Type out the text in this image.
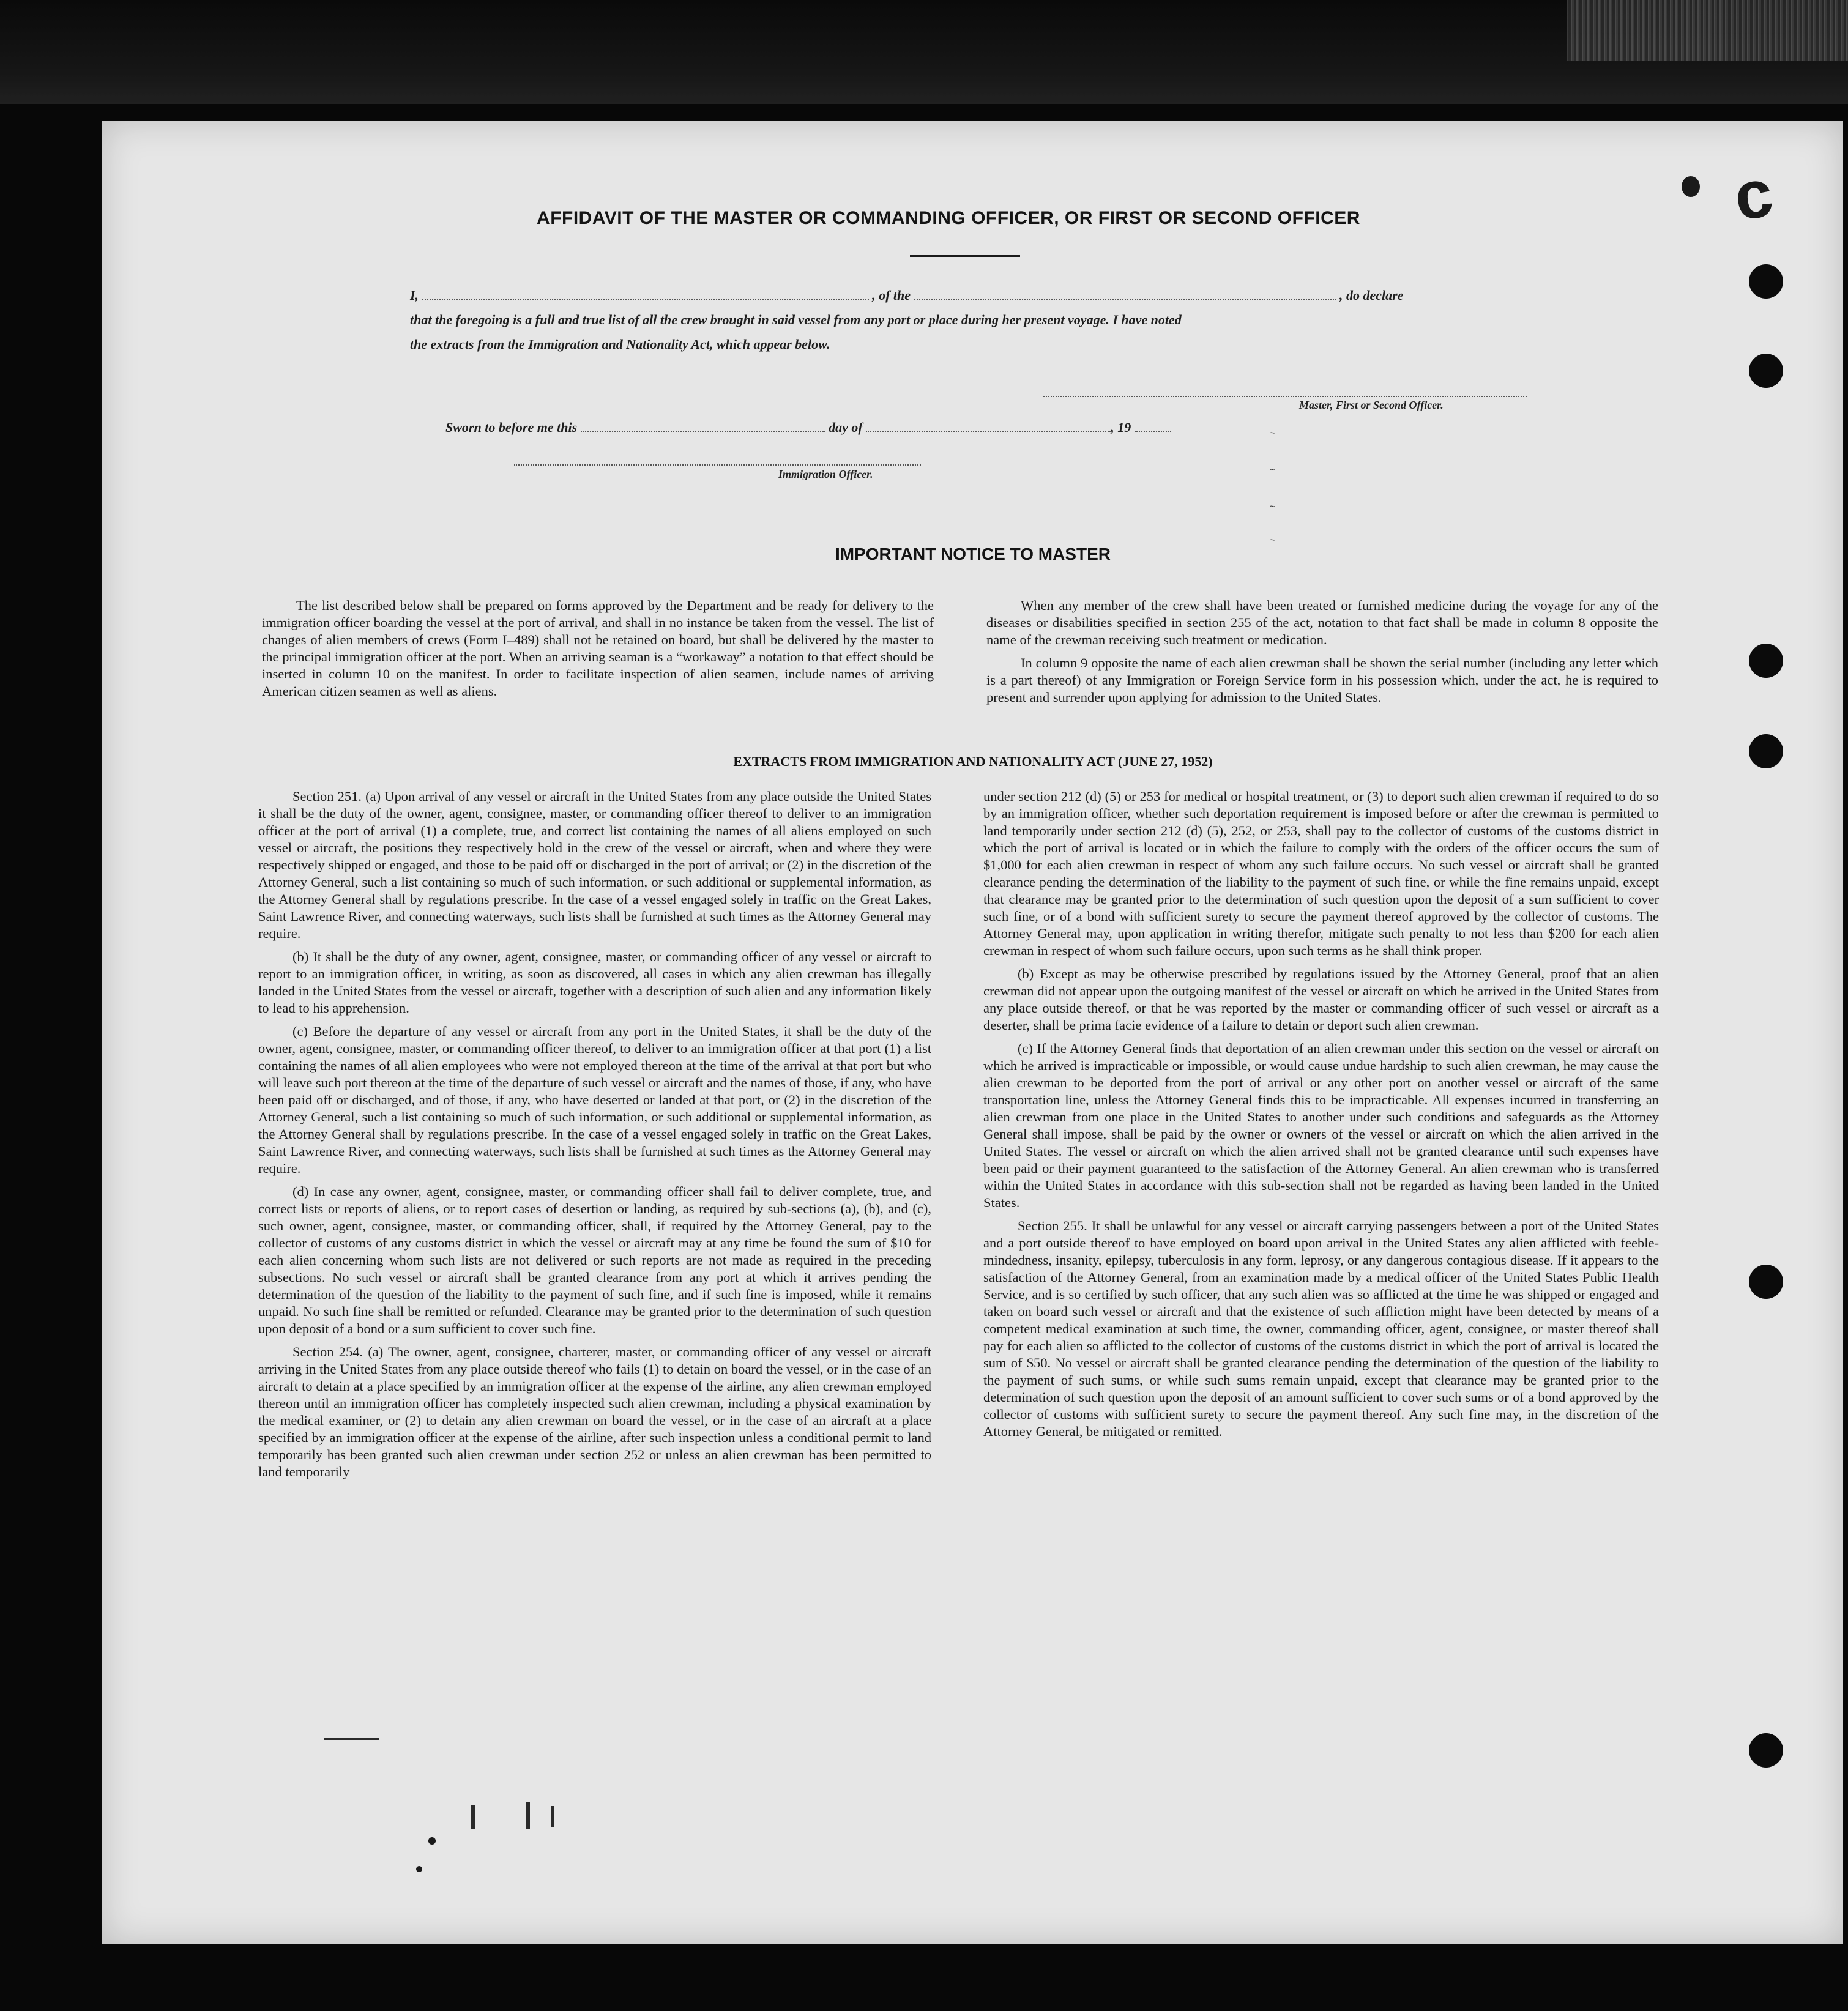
c
AFFIDAVIT OF THE MASTER OR COMMANDING OFFICER, OR FIRST OR SECOND OFFICER
I,	, of the	, do declare
that the foregoing is a full and true list of all the crew brought in said vessel from any port or place during her present voyage. I have noted
the extracts from the Immigration and Nationality Act, which appear below.
Master, First or Second Officer.
Sworn to before me this	day of	, 19
Immigration Officer.
~
~
~
~
IMPORTANT NOTICE TO MASTER

The list described below shall be prepared on forms approved by the Department and be ready for delivery to the immigration officer boarding the vessel at the port of arrival, and shall in no instance be taken from the vessel. The list of changes of alien members of crews (Form I–489) shall not be retained on board, but shall be delivered by the master to the principal immigration officer at the port. When an arriving seaman is a “workaway” a notation to that effect should be inserted in column 10 on the manifest. In order to facilitate inspection of alien seamen, include names of arriving American citizen seamen as well as aliens.

When any member of the crew shall have been treated or furnished medicine during the voyage for any of the diseases or disabilities specified in section 255 of the act, notation to that fact shall be made in column 8 opposite the name of the crewman receiving such treatment or medication.

In column 9 opposite the name of each alien crewman shall be shown the serial number (including any letter which is a part thereof) of any Immigration or Foreign Service form in his possession which, under the act, he is required to present and surrender upon applying for admission to the United States.

EXTRACTS FROM IMMIGRATION AND NATIONALITY ACT (JUNE 27, 1952)

Section 251. (a) Upon arrival of any vessel or aircraft in the United States from any place outside the United States it shall be the duty of the owner, agent, consignee, master, or commanding officer thereof to deliver to an immigration officer at the port of arrival (1) a complete, true, and correct list containing the names of all aliens employed on such vessel or aircraft, the positions they respectively hold in the crew of the vessel or aircraft, when and where they were respectively shipped or engaged, and those to be paid off or discharged in the port of arrival; or (2) in the discretion of the Attorney General, such a list containing so much of such information, or such additional or supplemental information, as the Attorney General shall by regulations prescribe. In the case of a vessel engaged solely in traffic on the Great Lakes, Saint Lawrence River, and connecting waterways, such lists shall be furnished at such times as the Attorney General may require.

(b) It shall be the duty of any owner, agent, consignee, master, or commanding officer of any vessel or aircraft to report to an immigration officer, in writing, as soon as discovered, all cases in which any alien crewman has illegally landed in the United States from the vessel or aircraft, together with a description of such alien and any information likely to lead to his apprehension.

(c) Before the departure of any vessel or aircraft from any port in the United States, it shall be the duty of the owner, agent, consignee, master, or commanding officer thereof, to deliver to an immigration officer at that port (1) a list containing the names of all alien employees who were not employed thereon at the time of the arrival at that port but who will leave such port thereon at the time of the departure of such vessel or aircraft and the names of those, if any, who have been paid off or discharged, and of those, if any, who have deserted or landed at that port, or (2) in the discretion of the Attorney General, such a list containing so much of such information, or such additional or supplemental information, as the Attorney General shall by regulations prescribe. In the case of a vessel engaged solely in traffic on the Great Lakes, Saint Lawrence River, and connecting waterways, such lists shall be furnished at such times as the Attorney General may require.

(d) In case any owner, agent, consignee, master, or commanding officer shall fail to deliver complete, true, and correct lists or reports of aliens, or to report cases of desertion or landing, as required by sub-sections (a), (b), and (c), such owner, agent, consignee, master, or commanding officer, shall, if required by the Attorney General, pay to the collector of customs of any customs district in which the vessel or aircraft may at any time be found the sum of $10 for each alien concerning whom such lists are not delivered or such reports are not made as required in the preceding subsections. No such vessel or aircraft shall be granted clearance from any port at which it arrives pending the determination of the question of the liability to the payment of such fine, and if such fine is imposed, while it remains unpaid. No such fine shall be remitted or refunded. Clearance may be granted prior to the determination of such question upon deposit of a bond or a sum sufficient to cover such fine.

Section 254. (a) The owner, agent, consignee, charterer, master, or commanding officer of any vessel or aircraft arriving in the United States from any place outside thereof who fails (1) to detain on board the vessel, or in the case of an aircraft to detain at a place specified by an immigration officer at the expense of the airline, any alien crewman employed thereon until an immigration officer has completely inspected such alien crewman, including a physical examination by the medical examiner, or (2) to detain any alien crewman on board the vessel, or in the case of an aircraft at a place specified by an immigration officer at the expense of the airline, after such inspection unless a conditional permit to land temporarily has been granted such alien crewman under section 252 or unless an alien crewman has been permitted to land temporarily

under section 212 (d) (5) or 253 for medical or hospital treatment, or (3) to deport such alien crewman if required to do so by an immigration officer, whether such deportation requirement is imposed before or after the crewman is permitted to land temporarily under section 212 (d) (5), 252, or 253, shall pay to the collector of customs of the customs district in which the port of arrival is located or in which the failure to comply with the orders of the officer occurs the sum of $1,000 for each alien crewman in respect of whom any such failure occurs. No such vessel or aircraft shall be granted clearance pending the determination of the liability to the payment of such fine, or while the fine remains unpaid, except that clearance may be granted prior to the determination of such question upon the deposit of a sum sufficient to cover such fine, or of a bond with sufficient surety to secure the payment thereof approved by the collector of customs. The Attorney General may, upon application in writing therefor, mitigate such penalty to not less than $200 for each alien crewman in respect of whom such failure occurs, upon such terms as he shall think proper.

(b) Except as may be otherwise prescribed by regulations issued by the Attorney General, proof that an alien crewman did not appear upon the outgoing manifest of the vessel or aircraft on which he arrived in the United States from any place outside thereof, or that he was reported by the master or commanding officer of such vessel or aircraft as a deserter, shall be prima facie evidence of a failure to detain or deport such alien crewman.

(c) If the Attorney General finds that deportation of an alien crewman under this section on the vessel or aircraft on which he arrived is impracticable or impossible, or would cause undue hardship to such alien crewman, he may cause the alien crewman to be deported from the port of arrival or any other port on another vessel or aircraft of the same transportation line, unless the Attorney General finds this to be impracticable. All expenses incurred in transferring an alien crewman from one place in the United States to another under such conditions and safeguards as the Attorney General shall impose, shall be paid by the owner or owners of the vessel or aircraft on which the alien arrived in the United States. The vessel or aircraft on which the alien arrived shall not be granted clearance until such expenses have been paid or their payment guaranteed to the satisfaction of the Attorney General. An alien crewman who is transferred within the United States in accordance with this sub-section shall not be regarded as having been landed in the United States.

Section 255. It shall be unlawful for any vessel or aircraft carrying passengers between a port of the United States and a port outside thereof to have employed on board upon arrival in the United States any alien afflicted with feeble-mindedness, insanity, epilepsy, tuberculosis in any form, leprosy, or any dangerous contagious disease. If it appears to the satisfaction of the Attorney General, from an examination made by a medical officer of the United States Public Health Service, and is so certified by such officer, that any such alien was so afflicted at the time he was shipped or engaged and taken on board such vessel or aircraft and that the existence of such affliction might have been detected by means of a competent medical examination at such time, the owner, commanding officer, agent, consignee, or master thereof shall pay for each alien so afflicted to the collector of customs of the customs district in which the port of arrival is located the sum of $50. No vessel or aircraft shall be granted clearance pending the determination of the question of the liability to the payment of such sums, or while such sums remain unpaid, except that clearance may be granted prior to the determination of such question upon the deposit of an amount sufficient to cover such sums or of a bond approved by the collector of customs with sufficient surety to secure the payment thereof. Any such fine may, in the discretion of the Attorney General, be mitigated or remitted.
